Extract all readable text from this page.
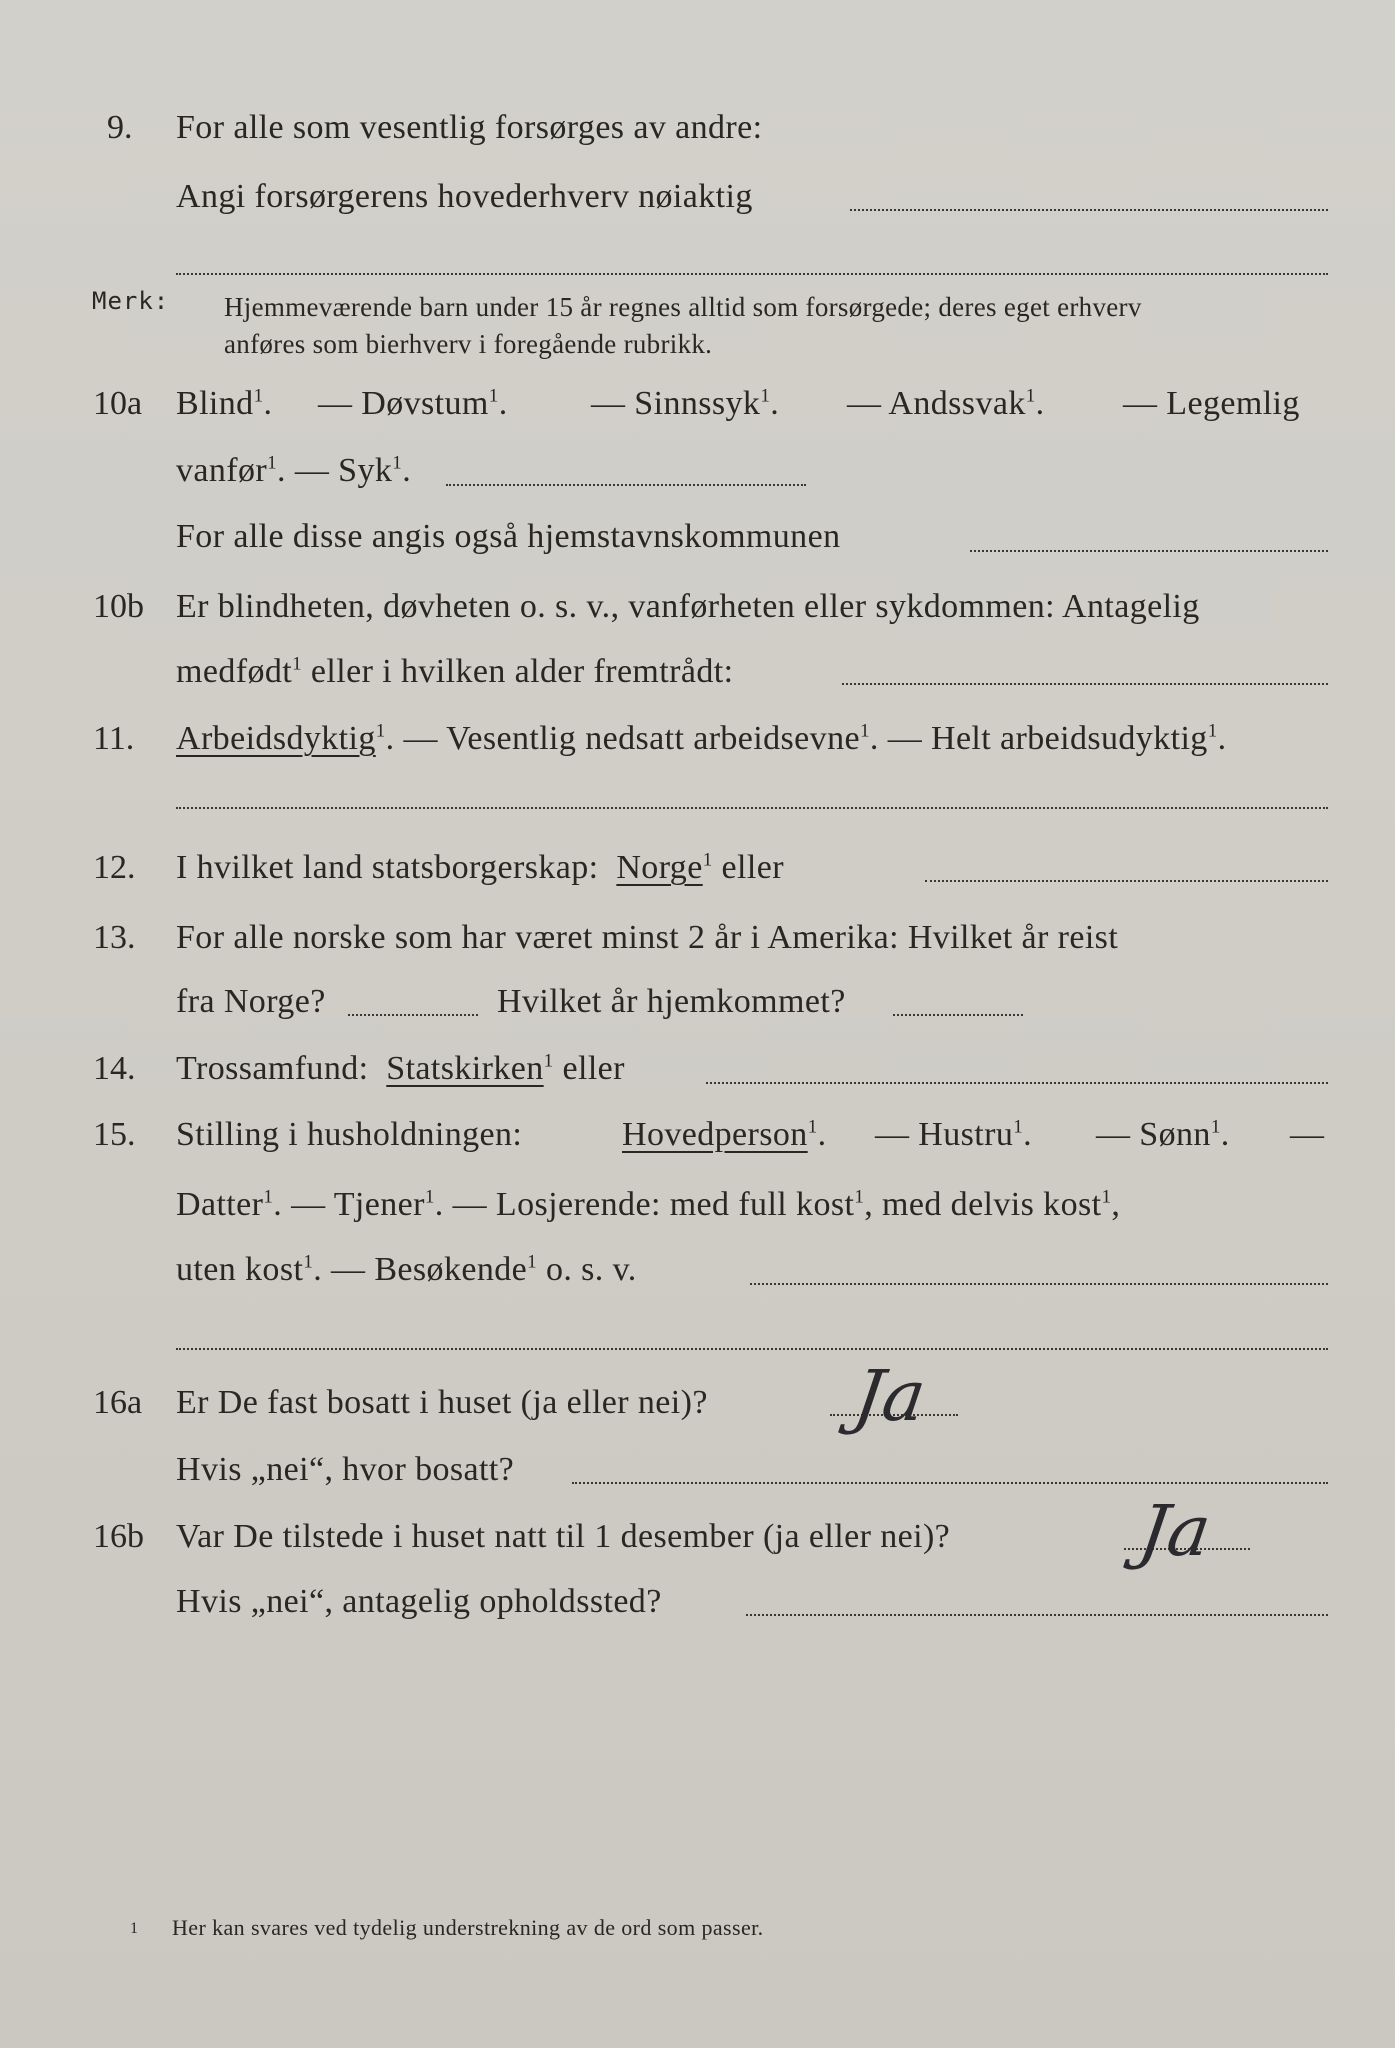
9. For alle som vesentlig forsørges av andre:
Angi forsørgerens hovederhverv nøiaktig
Merk: Hjemmeværende barn under 15 år regnes alltid som forsørgede; deres eget erhverv
anføres som bierhverv i foregående rubrikk.
10a Blind$^1$. — Døvstum$^1$. — Sinnssyk$^1$. — Andssvak$^1$. — Legemlig
vanfør$^1$. — Syk$^1$.
For alle disse angis også hjemstavnskommunen
10b Er blindheten, døvheten o. s. v., vanførheten eller sykdommen: Antagelig
medfødt$^1$ eller i hvilken alder fremtrådt:
11. Arbeidsdyktig$^1$. — Vesentlig nedsatt arbeidsevne$^1$. — Helt arbeidsudyktig$^1$.
12. I hvilket land statsborgerskap: Norge$^1$ eller
13. For alle norske som har været minst 2 år i Amerika: Hvilket år reist
fra Norge?	Hvilket år hjemkommet?
14. Trossamfund: Statskirken$^1$ eller
15. Stilling i husholdningen:	Hovedperson$^1$. — Hustru$^1$. — Sønn$^1$. —
Datter$^1$. — Tjener$^1$. — Losjerende: med full kost$^1$, med delvis kost$^1$,
uten kost$^1$. — Besøkende$^1$ o. s. v.
16a Er De fast bosatt i huset (ja eller nei)? Ja
Hvis „nei“, hvor bosatt?
16b Var De tilstede i huset natt til 1 desember (ja eller nei)?	Ja
Hvis „nei“, antagelig opholdssted?
1 Her kan svares ved tydelig understrekning av de ord som passer.
